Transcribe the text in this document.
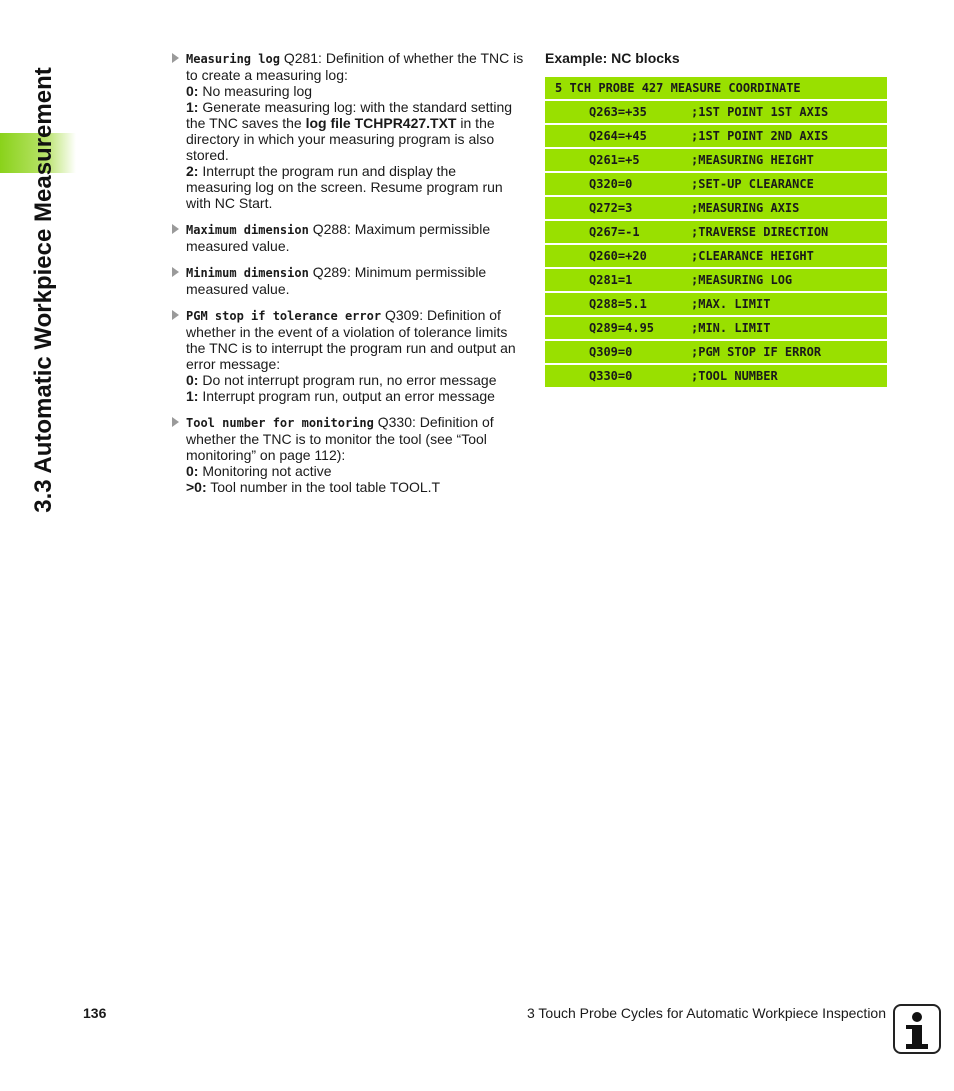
3.3 Automatic Workpiece Measurement
Measuring log Q281: Definition of whether the TNC is
to create a measuring log:
0: No measuring log
1: Generate measuring log: with the standard setting
the TNC saves the log file TCHPR427.TXT in the
directory in which your measuring program is also
stored.
2: Interrupt the program run and display the
measuring log on the screen. Resume program run
with NC Start.
Maximum dimension Q288: Maximum permissible
measured value.
Minimum dimension Q289: Minimum permissible
measured value.
PGM stop if tolerance error Q309: Definition of
whether in the event of a violation of tolerance limits
the TNC is to interrupt the program run and output an
error message:
0: Do not interrupt program run, no error message
1: Interrupt program run, output an error message
Tool number for monitoring Q330: Definition of
whether the TNC is to monitor the tool (see “Tool
monitoring” on page 112):
0: Monitoring not active
>0: Tool number in the tool table TOOL.T
Example: NC blocks
5 TCH PROBE 427 MEASURE COORDINATE
Q263=+35	;1ST POINT 1ST AXIS
Q264=+45	;1ST POINT 2ND AXIS
Q261=+5	;MEASURING HEIGHT
Q320=0	;SET-UP CLEARANCE
Q272=3	;MEASURING AXIS
Q267=-1	;TRAVERSE DIRECTION
Q260=+20	;CLEARANCE HEIGHT
Q281=1	;MEASURING LOG
Q288=5.1	;MAX. LIMIT
Q289=4.95	;MIN. LIMIT
Q309=0	;PGM STOP IF ERROR
Q330=0	;TOOL NUMBER
136	3 Touch Probe Cycles for Automatic Workpiece Inspection
